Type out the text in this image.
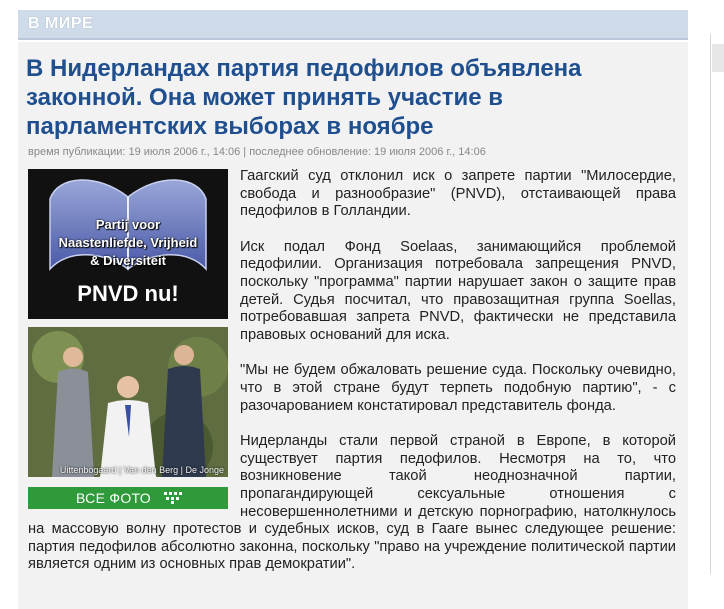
В МИРЕ
В Нидерландах партия педофилов объявлена законной. Она может принять участие в парламентских выборах в ноябре
время публикации: 19 июля 2006 г., 14:06 | последнее обновление: 19 июля 2006 г., 14:06

Гаагский суд отклонил иск о запрете партии "Милосердие, свобода и разнообразие" (PNVD), отстаивающей права педофилов в Голландии.

Иск подал Фонд Soelaas, занимающийся проблемой педофилии. Организация потребовала запрещения PNVD, поскольку "программа" партии нарушает закон о защите прав детей. Судья посчитал, что правозащитная группа Soellas, потребовавшая запрета PNVD, фактически не представила правовых оснований для иска.

"Мы не будем обжаловать решение суда. Поскольку очевидно, что в этой стране будут терпеть подобную партию", - с разочарованием констатировал представитель фонда.

Нидерланды стали первой страной в Европе, в которой существует партия педофилов. Несмотря на то, что возникновение такой неоднозначной партии, пропагандирующей сексуальные отношения с несовершеннолетними и детскую порнографию, натолкнулось на массовую волну протестов и судебных исков, суд в Гааге вынес следующее решение: партия педофилов абсолютно законна, поскольку "право на учреждение политической партии является одним из основных прав демократии".

Partij voor
Naastenliefde, Vrijheid
& Diversiteit
PNVD nu!
Uittenbogaard | Van den Berg | De Jonge
ВСЕ ФОТО
